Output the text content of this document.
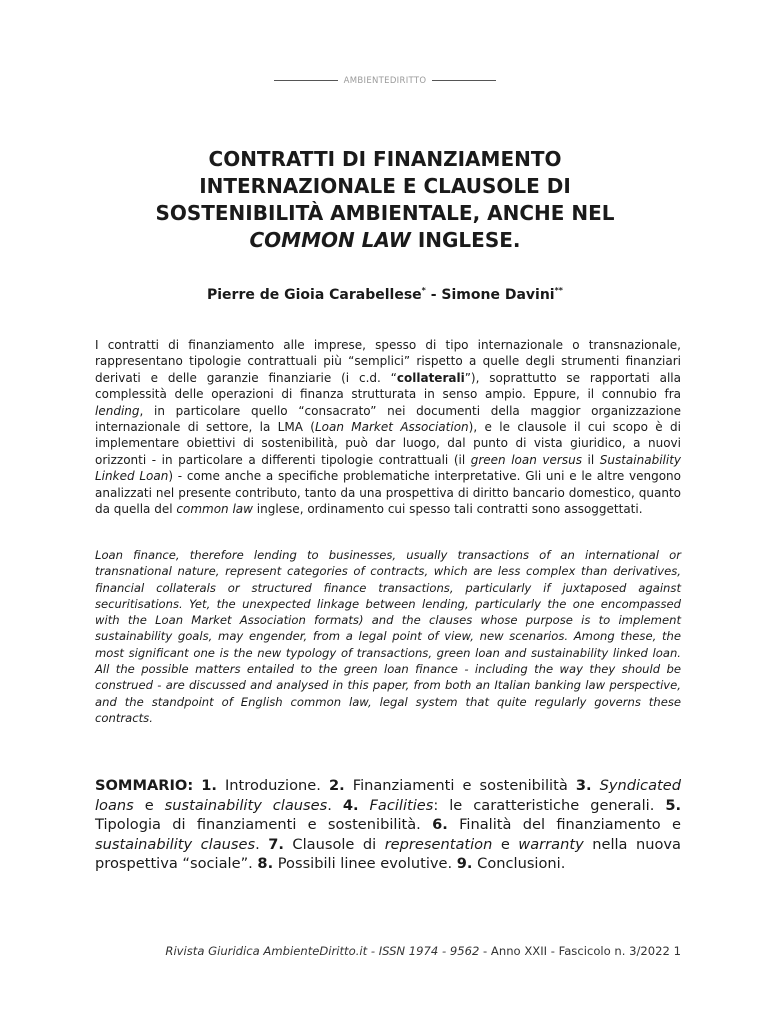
AMBIENTEDIRITTO
CONTRATTI DI FINANZIAMENTO
INTERNAZIONALE E CLAUSOLE DI
SOSTENIBILITÀ AMBIENTALE, ANCHE NEL
COMMON LAW INGLESE.
Pierre de Gioia Carabellese* - Simone Davini**

I contratti di finanziamento alle imprese, spesso di tipo internazionale o transnazionale, rappresentano tipologie contrattuali più “semplici” rispetto a quelle degli strumenti finanziari derivati e delle garanzie finanziarie (i c.d. “collaterali”), soprattutto se rapportati alla complessità delle operazioni di finanza strutturata in senso ampio. Eppure, il connubio fra lending, in particolare quello “consacrato” nei documenti della maggior organizzazione internazionale di settore, la LMA (Loan Market Association), e le clausole il cui scopo è di implementare obiettivi di sostenibilità, può dar luogo, dal punto di vista giuridico, a nuovi orizzonti - in particolare a differenti tipologie contrattuali (il green loan versus il Sustainability Linked Loan) - come anche a specifiche problematiche interpretative. Gli uni e le altre vengono analizzati nel presente contributo, tanto da una prospettiva di diritto bancario domestico, quanto da quella del common law inglese, ordinamento cui spesso tali contratti sono assoggettati.

Loan finance, therefore lending to businesses, usually transactions of an international or transnational nature, represent categories of contracts, which are less complex than derivatives, financial collaterals or structured finance transactions, particularly if juxtaposed against securitisations. Yet, the unexpected linkage between lending, particularly the one encompassed with the Loan Market Association formats) and the clauses whose purpose is to implement sustainability goals, may engender, from a legal point of view, new scenarios. Among these, the most significant one is the new typology of transactions, green loan and sustainability linked loan. All the possible matters entailed to the green loan finance - including the way they should be construed - are discussed and analysed in this paper, from both an Italian banking law perspective, and the standpoint of English common law, legal system that quite regularly governs these contracts.

SOMMARIO: 1. Introduzione. 2. Finanziamenti e sostenibilità 3. Syndicated loans e sustainability clauses. 4. Facilities: le caratteristiche generali. 5. Tipologia di finanziamenti e sostenibilità. 6. Finalità del finanziamento e sustainability clauses. 7. Clausole di representation e warranty nella nuova prospettiva “sociale”. 8. Possibili linee evolutive. 9. Conclusioni.

Rivista Giuridica AmbienteDiritto.it - ISSN 1974 - 9562 - Anno XXII - Fascicolo n. 3/2022 1
